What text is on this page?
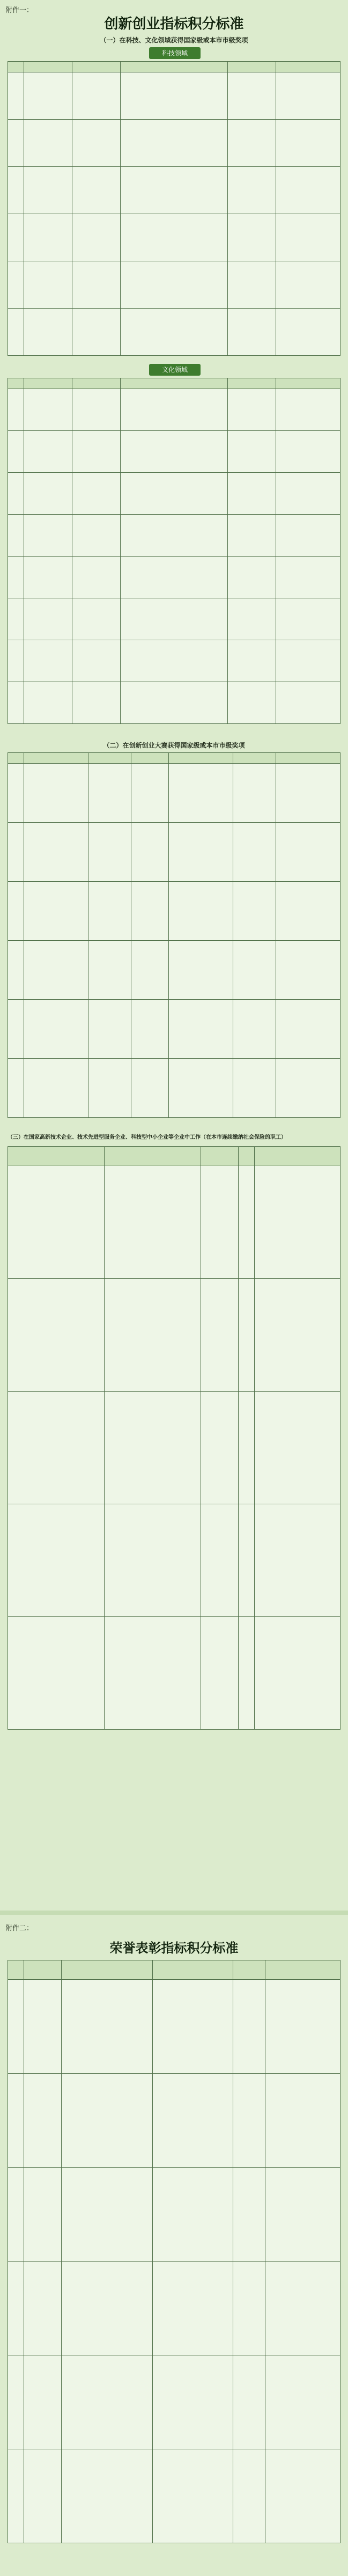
附件一：
创新创业指标积分标准
（一）在科技、文化领域获得国家级或本市市级奖项
科技领域

文化领域

（二）在创新创业大赛获得国家级或本市市级奖项

（三）在国家高新技术企业、技术先进型服务企业、科技型中小企业等企业中工作（在本市连续缴纳社会保险的职工）

附件二：
荣誉表彰指标积分标准
